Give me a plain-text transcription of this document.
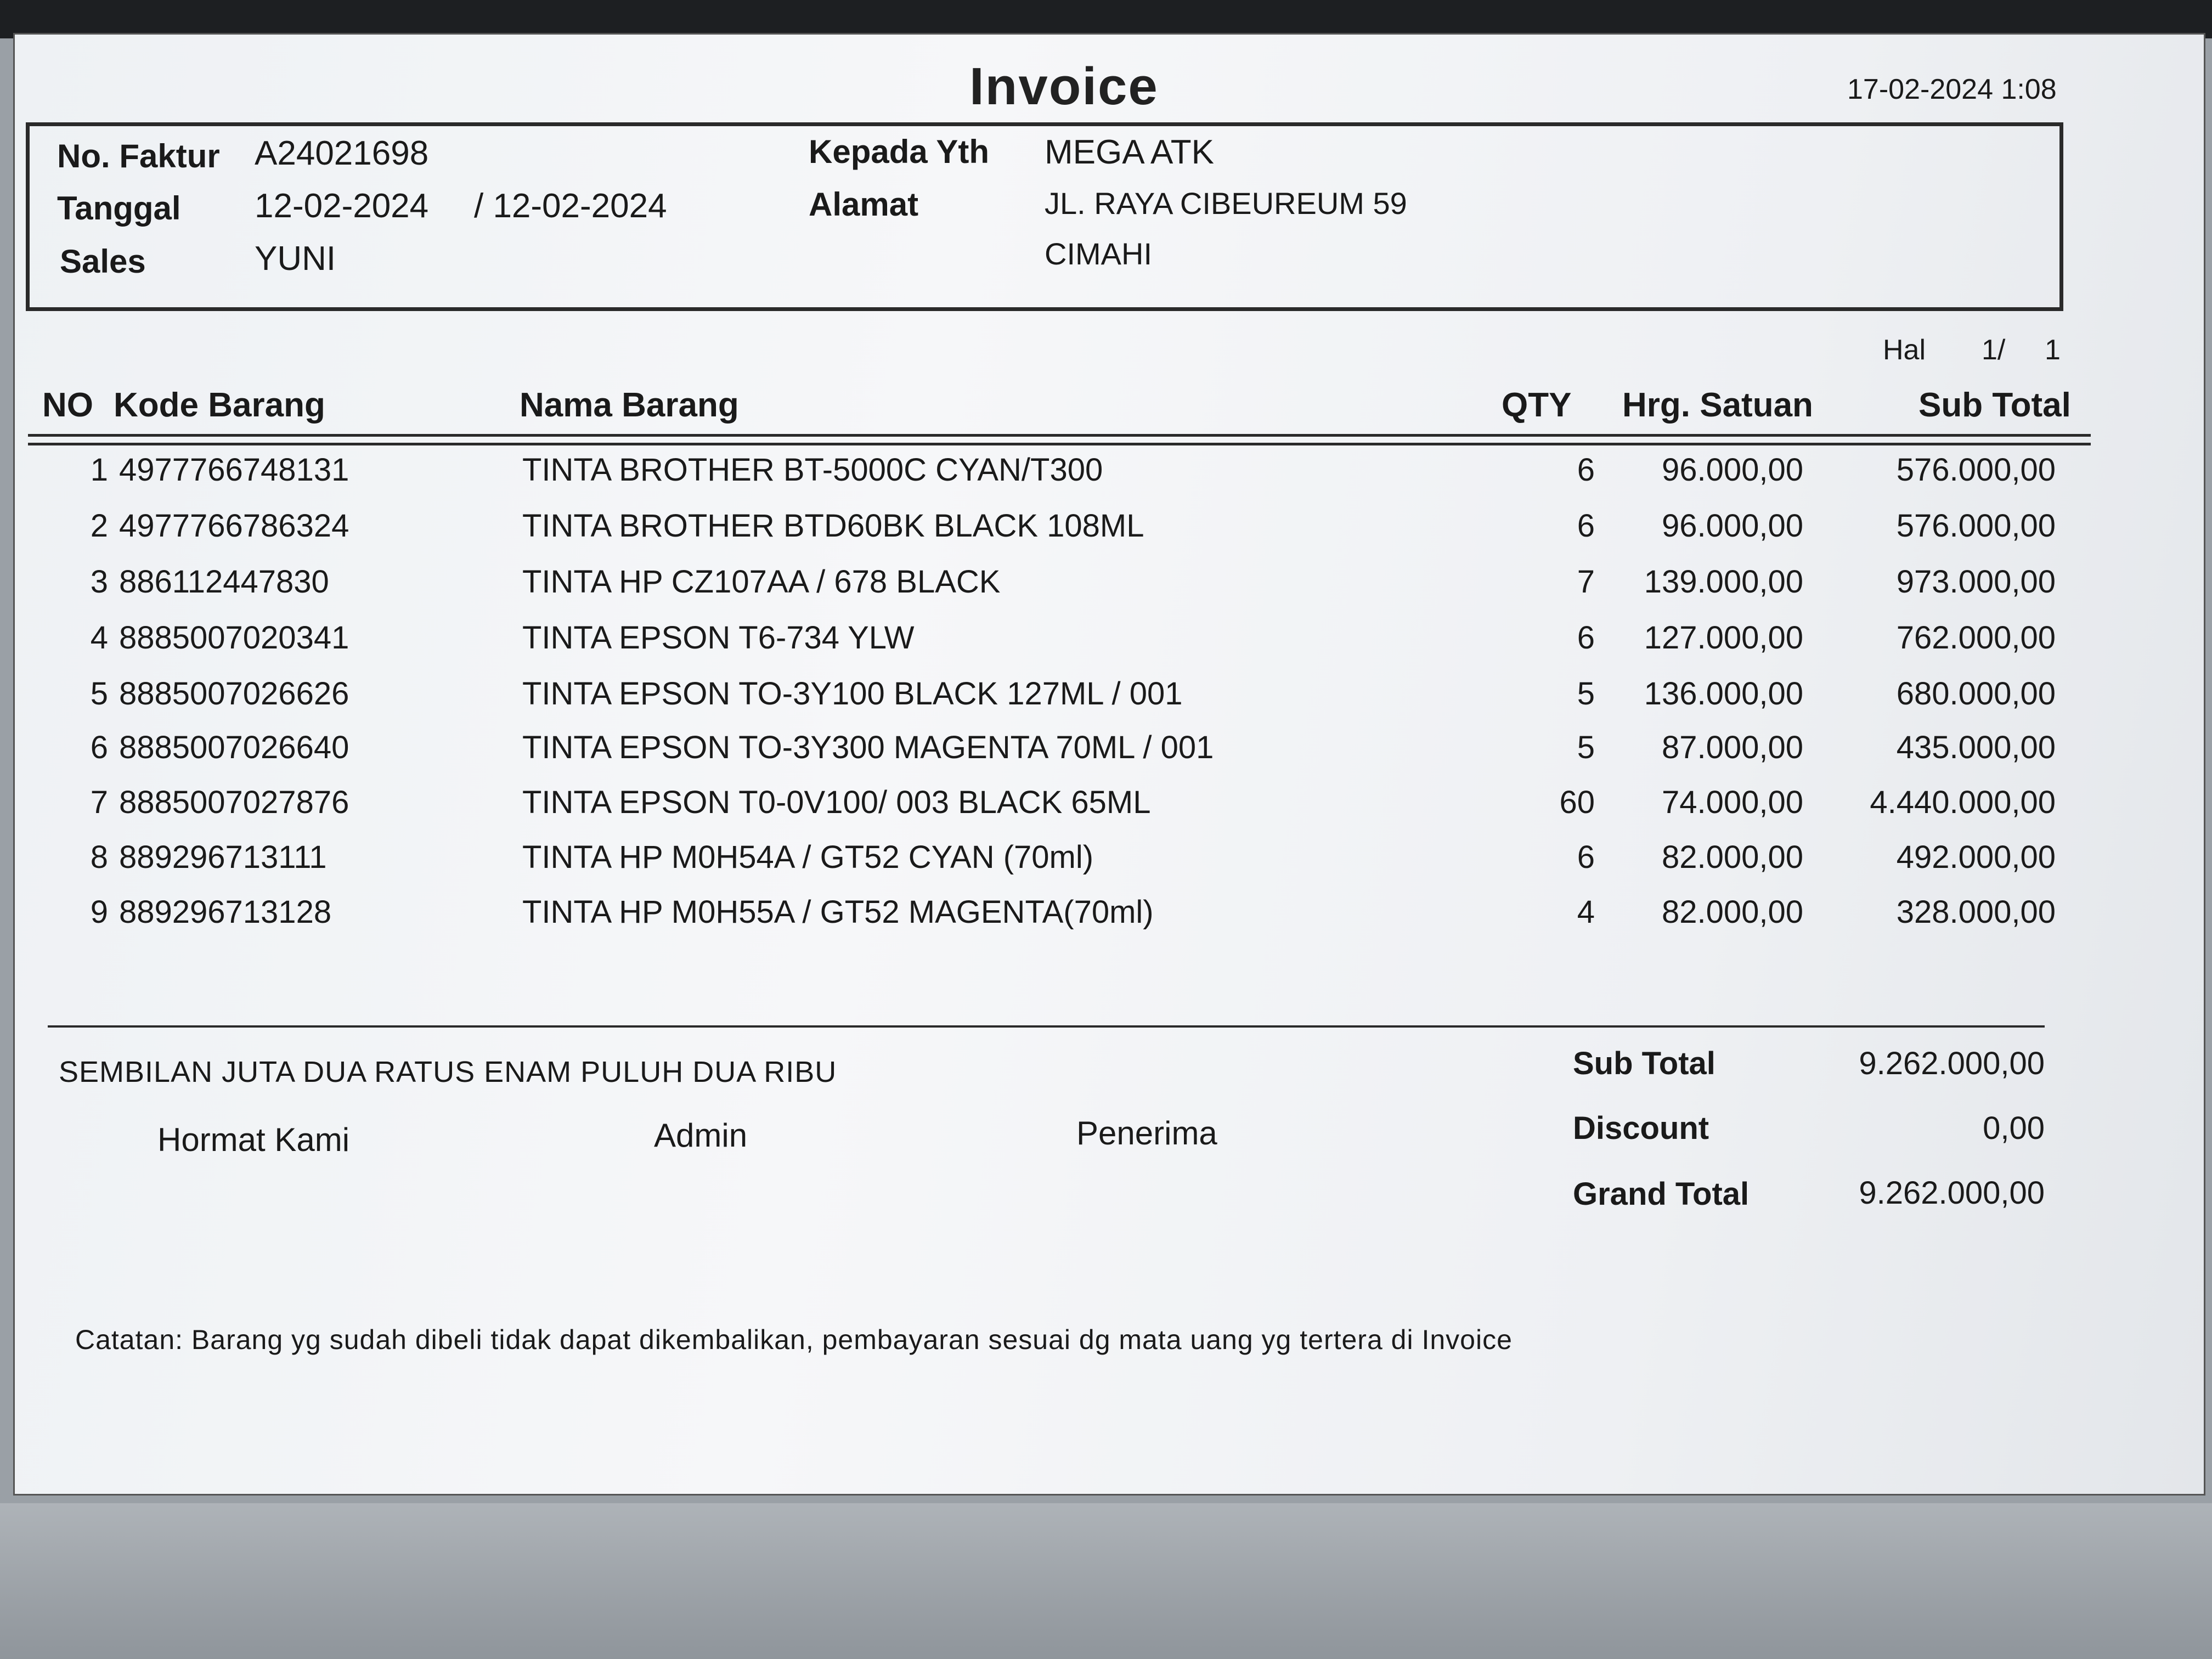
Invoice	17-02-2024 1:08
No. Faktur A24021698
Tanggal 12-02-2024 / 12-02-2024
Sales	YUNI
Kepada Yth MEGA ATK
Alamat	JL. RAYA CIBEUREUM 59
CIMAHI
Hal 1/ 1
NO Kode Barang	Nama Barang	QTY Hrg. Satuan	Sub Total
1 4977766748131	TINTA BROTHER BT-5000C CYAN/T300	6	96.000,00	576.000,00
2 4977766786324	TINTA BROTHER BTD60BK BLACK 108ML	6	96.000,00	576.000,00
3 886112447830	TINTA HP CZ107AA / 678 BLACK	7	139.000,00	973.000,00
4 8885007020341	TINTA EPSON T6-734 YLW	6	127.000,00	762.000,00
5 8885007026626	TINTA EPSON TO-3Y100 BLACK 127ML / 001	5	136.000,00	680.000,00
6 8885007026640	TINTA EPSON TO-3Y300 MAGENTA 70ML / 001	5	87.000,00	435.000,00
7 8885007027876	TINTA EPSON T0-0V100/ 003 BLACK 65ML	60	74.000,00	4.440.000,00
8 889296713111	TINTA HP M0H54A / GT52 CYAN (70ml)	6	82.000,00	492.000,00
9 889296713128	TINTA HP M0H55A / GT52 MAGENTA(70ml)	4	82.000,00	328.000,00
SEMBILAN JUTA DUA RATUS ENAM PULUH DUA RIBU
Hormat Kami	Admin	Penerima
Sub Total	9.262.000,00
Discount	0,00
Grand Total	9.262.000,00
Catatan: Barang yg sudah dibeli tidak dapat dikembalikan, pembayaran sesuai dg mata uang yg tertera di Invoice
